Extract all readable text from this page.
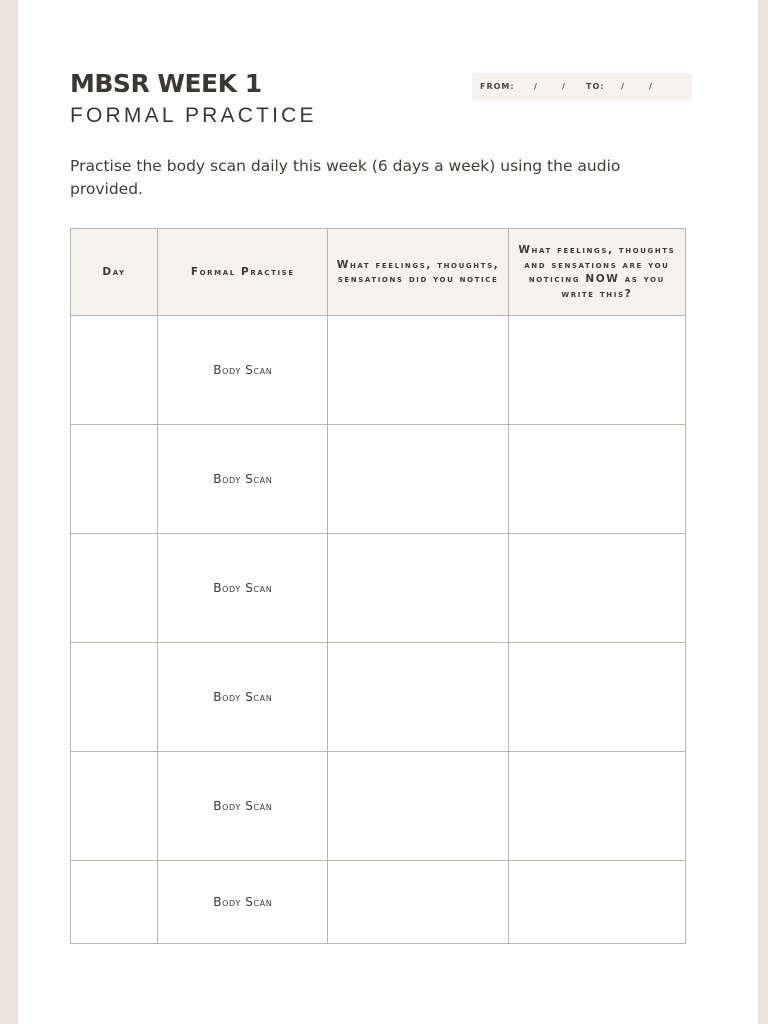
MBSR WEEK 1
FORMAL PRACTICE
FROM: /	/	TO: /	/
Practise the body scan daily this week (6 days a week) using the audio provided.
Day	Formal Practise	What feelings, thoughts, sensations did you notice	What feelings, thoughts and sensations are you noticing NOW as you write this?
	Body Scan		
	Body Scan		
	Body Scan		
	Body Scan		
	Body Scan		
	Body Scan		
